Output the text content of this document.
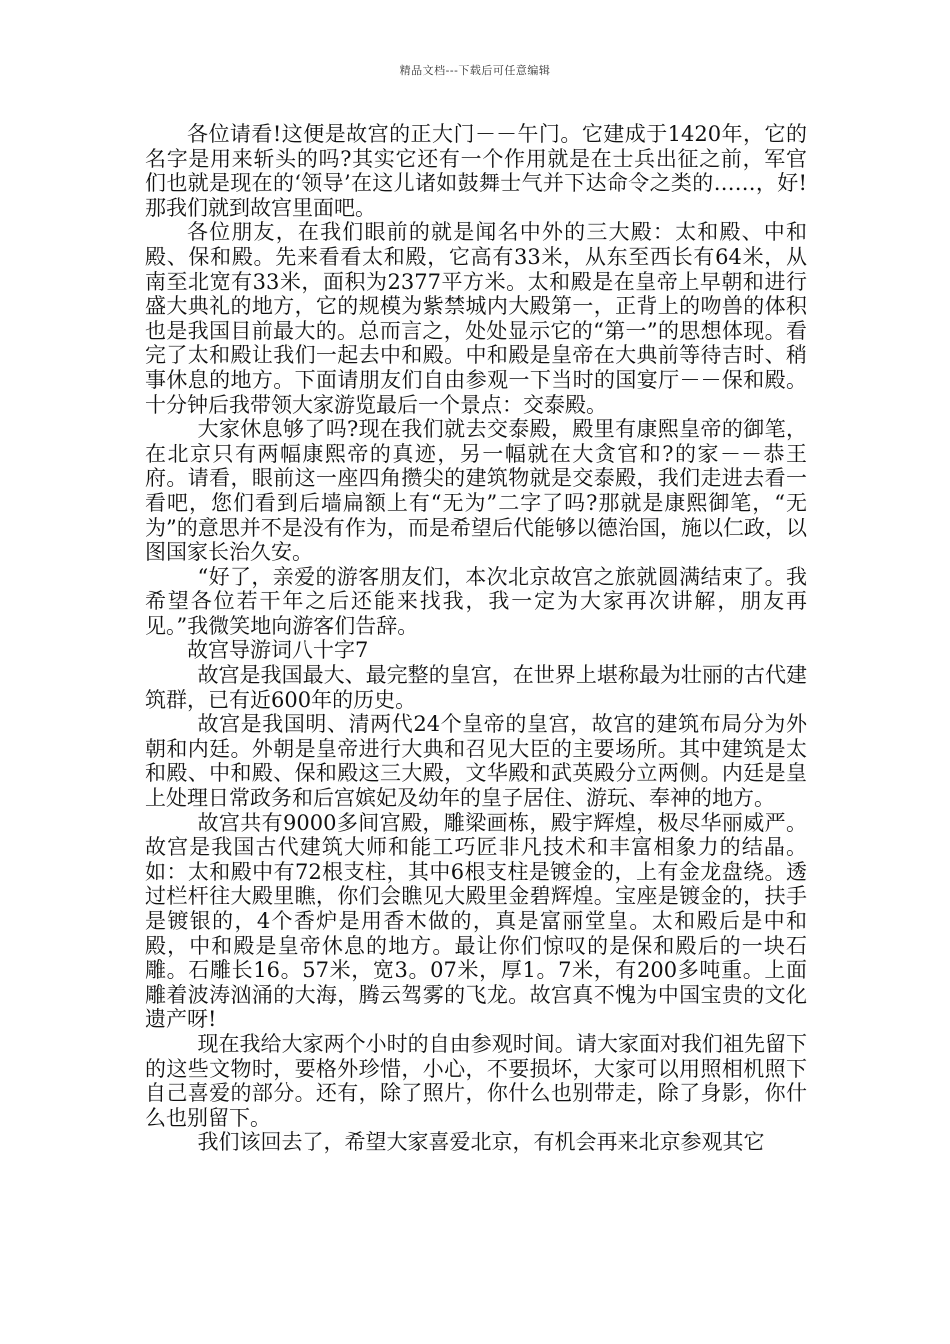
精品文档---下载后可任意编辑

各位请看!这便是故宫的正大门－－午门。它建成于1420年，它的名字是用来斩头的吗?其实它还有一个作用就是在士兵出征之前，军官们也就是现在的‘领导’在这儿诸如鼓舞士气并下达命令之类的……，好!那我们就到故宫里面吧。

各位朋友，在我们眼前的就是闻名中外的三大殿：太和殿、中和殿、保和殿。先来看看太和殿，它高有33米，从东至西长有64米，从南至北宽有33米，面积为2377平方米。太和殿是在皇帝上早朝和进行盛大典礼的地方，它的规模为紫禁城内大殿第一，正背上的吻兽的体积也是我国目前最大的。总而言之，处处显示它的“第一”的思想体现。看完了太和殿让我们一起去中和殿。中和殿是皇帝在大典前等待吉时、稍事休息的地方。下面请朋友们自由参观一下当时的国宴厅－－保和殿。十分钟后我带领大家游览最后一个景点：交泰殿。

大家休息够了吗?现在我们就去交泰殿，殿里有康熙皇帝的御笔，在北京只有两幅康熙帝的真迹，另一幅就在大贪官和?的家－－恭王府。请看，眼前这一座四角攒尖的建筑物就是交泰殿，我们走进去看一看吧，您们看到后墙扁额上有“无为”二字了吗?那就是康熙御笔，“无为”的意思并不是没有作为，而是希望后代能够以德治国，施以仁政，以图国家长治久安。

“好了，亲爱的游客朋友们，本次北京故宫之旅就圆满结束了。我希望各位若干年之后还能来找我，我一定为大家再次讲解，朋友再见。”我微笑地向游客们告辞。

故宫导游词八十字7

故宫是我国最大、最完整的皇宫，在世界上堪称最为壮丽的古代建筑群，已有近600年的历史。

故宫是我国明、清两代24个皇帝的皇宫，故宫的建筑布局分为外朝和内廷。外朝是皇帝进行大典和召见大臣的主要场所。其中建筑是太和殿、中和殿、保和殿这三大殿，文华殿和武英殿分立两侧。内廷是皇上处理日常政务和后宫嫔妃及幼年的皇子居住、游玩、奉神的地方。

故宫共有9000多间宫殿，雕梁画栋，殿宇辉煌，极尽华丽威严。故宫是我国古代建筑大师和能工巧匠非凡技术和丰富相象力的结晶。如：太和殿中有72根支柱，其中6根支柱是镀金的，上有金龙盘绕。透过栏杆往大殿里瞧，你们会瞧见大殿里金碧辉煌。宝座是镀金的，扶手是镀银的，4个香炉是用香木做的，真是富丽堂皇。太和殿后是中和殿，中和殿是皇帝休息的地方。最让你们惊叹的是保和殿后的一块石雕。石雕长16。57米，宽3。07米，厚1。7米，有200多吨重。上面雕着波涛汹涌的大海，腾云驾雾的飞龙。故宫真不愧为中国宝贵的文化遗产呀!

现在我给大家两个小时的自由参观时间。请大家面对我们祖先留下的这些文物时，要格外珍惜，小心，不要损坏，大家可以用照相机照下自己喜爱的部分。还有，除了照片，你什么也别带走，除了身影，你什么也别留下。

我们该回去了，希望大家喜爱北京，有机会再来北京参观其它
